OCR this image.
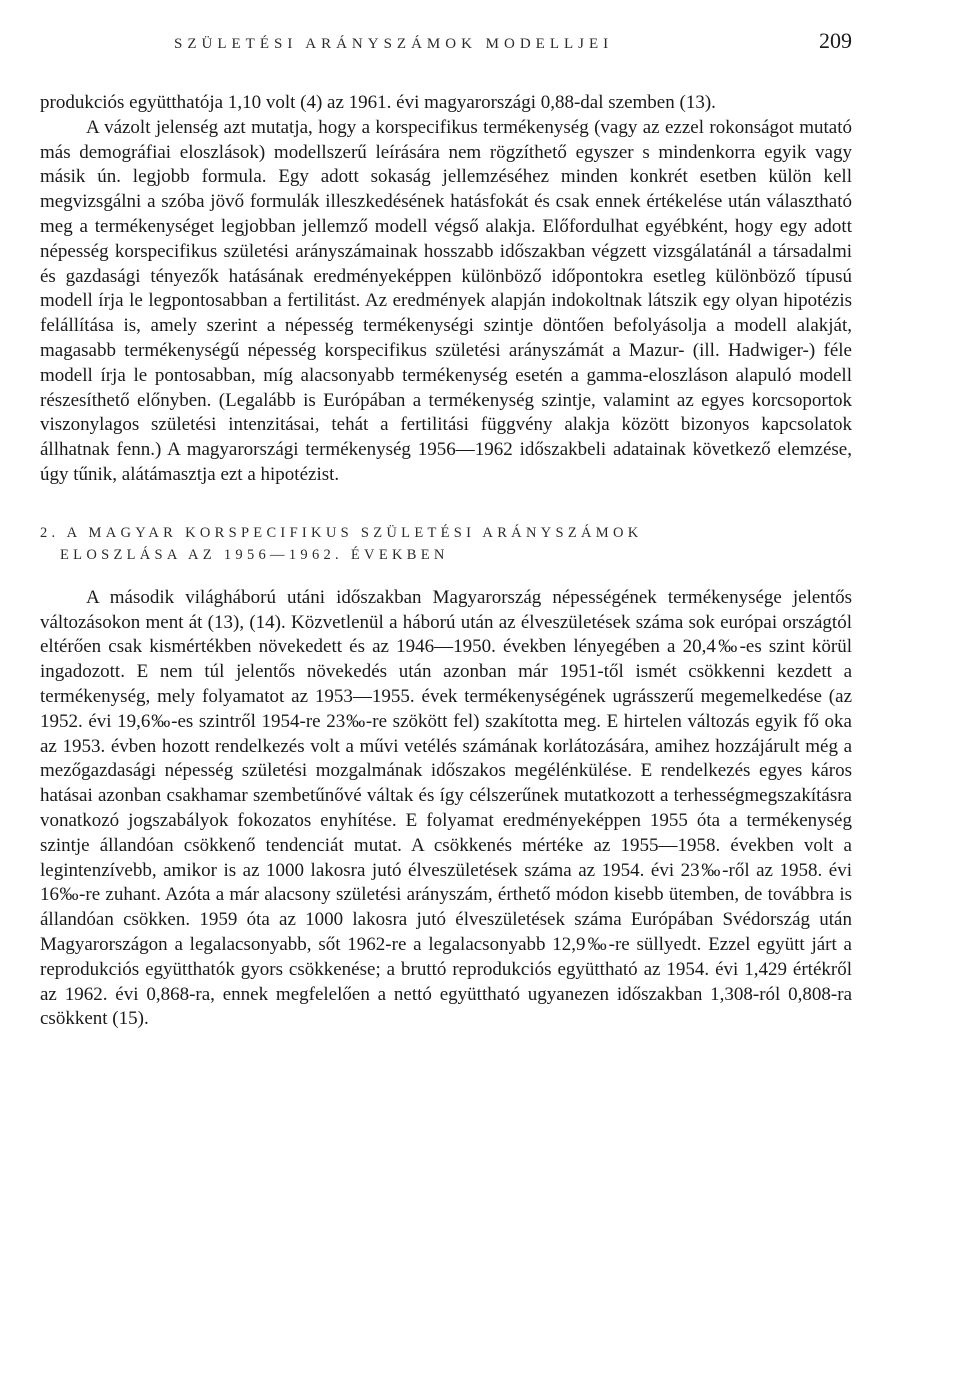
SZÜLETÉSI ARÁNYSZÁMOK MODELLJEI	209

produkciós együtthatója 1,10 volt (4) az 1961. évi magyarországi 0,88-dal szemben (13).

A vázolt jelenség azt mutatja, hogy a korspecifikus termékenység (vagy az ezzel rokonságot mutató más demográfiai eloszlások) modellszerű leírására nem rögzíthető egyszer s mindenkorra egyik vagy másik ún. legjobb formula. Egy adott sokaság jellemzéséhez minden konkrét esetben külön kell megvizsgálni a szóba jövő formulák illeszkedésének hatásfokát és csak ennek értékelése után választható meg a termékenységet legjobban jellemző modell végső alakja. Előfordulhat egyébként, hogy egy adott népesség korspecifikus születési arányszámainak hosszabb időszakban végzett vizsgálatánál a társadalmi és gazdasági tényezők hatásának eredményeképpen különböző időpontokra esetleg különböző típusú modell írja le legpontosabban a fertilitást. Az eredmények alapján indokoltnak látszik egy olyan hipotézis felállítása is, amely szerint a népesség termékenységi szintje döntően befolyásolja a modell alakját, magasabb termékenységű népesség korspecifikus születési arányszámát a Mazur- (ill. Hadwiger-) féle modell írja le pontosabban, míg alacsonyabb termékenység esetén a gamma-eloszláson alapuló modell részesíthető előnyben. (Legalább is Európában a termékenység szintje, valamint az egyes korcsoportok viszonylagos születési intenzitásai, tehát a fertilitási függvény alakja között bizonyos kapcsolatok állhatnak fenn.) A magyarországi termékenység 1956—1962 időszakbeli adatainak következő elemzése, úgy tűnik, alátámasztja ezt a hipotézist.

2. A MAGYAR KORSPECIFIKUS SZÜLETÉSI ARÁNYSZÁMOK
ELOSZLÁSA AZ 1956—1962. ÉVEKBEN

A második világháború utáni időszakban Magyarország népességének termékenysége jelentős változásokon ment át (13), (14). Közvetlenül a háború után az élveszületések száma sok európai országtól eltérően csak kismértékben növekedett és az 1946—1950. években lényegében a 20,4‰-es szint körül ingadozott. E nem túl jelentős növekedés után azonban már 1951-től ismét csökkenni kezdett a termékenység, mely folyamatot az 1953—1955. évek termékenységének ugrásszerű megemelkedése (az 1952. évi 19,6‰-es szintről 1954-re 23‰-re szökött fel) szakította meg. E hirtelen változás egyik fő oka az 1953. évben hozott rendelkezés volt a művi vetélés számának korlátozására, amihez hozzájárult még a mezőgazdasági népesség születési mozgalmának időszakos megélénkülése. E rendelkezés egyes káros hatásai azonban csakhamar szembetűnővé váltak és így célszerűnek mutatkozott a terhességmegszakításra vonatkozó jogszabályok fokozatos enyhítése. E folyamat eredményeképpen 1955 óta a termékenység szintje állandóan csökkenő tendenciát mutat. A csökkenés mértéke az 1955—1958. években volt a legintenzívebb, amikor is az 1000 lakosra jutó élveszületések száma az 1954. évi 23‰-ről az 1958. évi 16‰-re zuhant. Azóta a már alacsony születési arányszám, érthető módon kisebb ütemben, de továbbra is állandóan csökken. 1959 óta az 1000 lakosra jutó élveszületések száma Európában Svédország után Magyarországon a legalacsonyabb, sőt 1962-re a legalacsonyabb 12,9‰-re süllyedt. Ezzel együtt járt a reprodukciós együtthatók gyors csökkenése; a bruttó reprodukciós együttható az 1954. évi 1,429 értékről az 1962. évi 0,868-ra, ennek megfelelően a nettó együttható ugyanezen időszakban 1,308-ról 0,808-ra csökkent (15).
